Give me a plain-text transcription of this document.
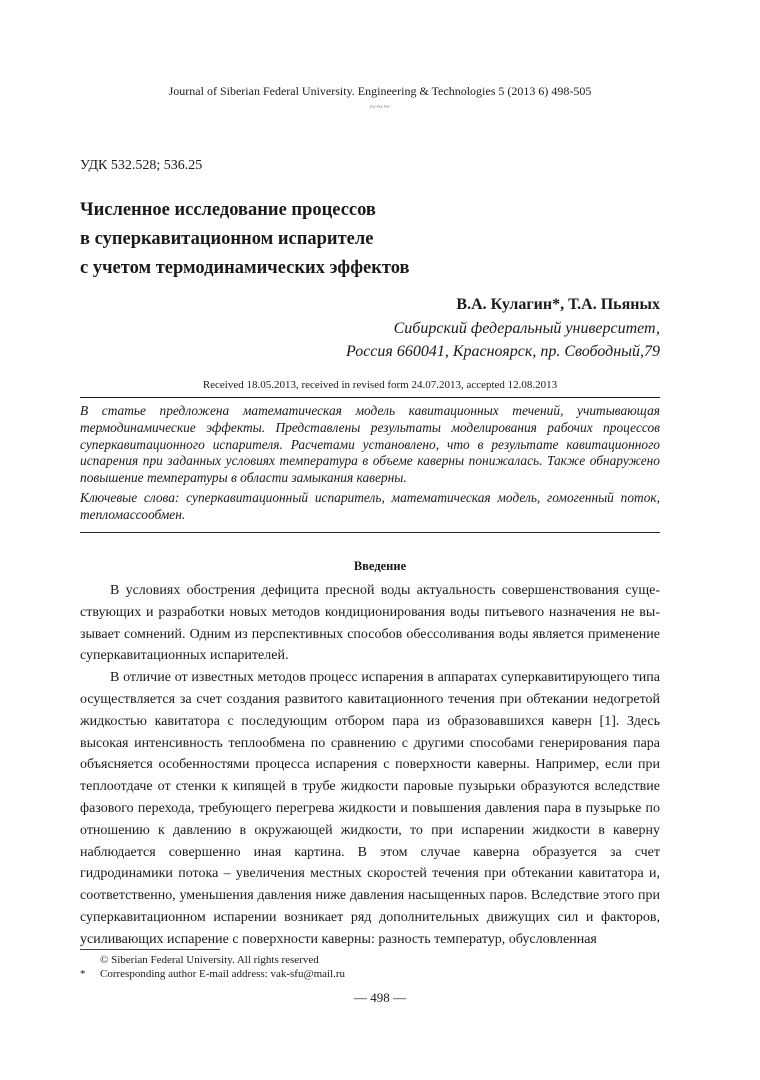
Journal of Siberian Federal University. Engineering & Technologies 5 (2013 6) 498-505
~~~
УДК 532.528; 536.25
Численное исследование процессов
в суперкавитационном испарителе
с учетом термодинамических эффектов
В.А. Кулагин*, Т.А. Пьяных
Сибирский федеральный университет,
Россия 660041, Красноярск, пр. Свободный,79
Received 18.05.2013, received in revised form 24.07.2013, accepted 12.08.2013

В статье предложена математическая модель кавитационных течений, учитывающая термодинамические эффекты. Представлены результаты моделирования рабочих процессов суперкавитационного испарителя. Расчетами установлено, что в результате кавитационного испарения при заданных условиях температура в объеме каверны понижалась. Также обнаружено повышение температуры в области замыкания каверны.

Ключевые слова: суперкавитационный испаритель, математическая модель, гомогенный поток, тепломассообмен.

Введение

В условиях обострения дефицита пресной воды актуальность совершенствования существующих и разработки новых методов кондиционирования воды питьевого назначения не вызывает сомнений. Одним из перспективных способов обессоливания воды является применение суперкавитационных испарителей.

В отличие от известных методов процесс испарения в аппаратах суперкавитирующего типа осуществляется за счет создания развитого кавитационного течения при обтекании недогретой жидкостью кавитатора с последующим отбором пара из образовавшихся каверн [1]. Здесь высокая интенсивность теплообмена по сравнению с другими способами генерирования пара объясняется особенностями процесса испарения с поверхности каверны. Например, если при теплоотдаче от стенки к кипящей в трубе жидкости паровые пузырьки образуются вследствие фазового перехода, требующего перегрева жидкости и повышения давления пара в пузырьке по отношению к давлению в окружающей жидкости, то при испарении жидкости в каверну наблюдается совершенно иная картина. В этом случае каверна образуется за счет гидродинамики потока – увеличения местных скоростей течения при обтекании кавитатора и, соответственно, уменьшения давления ниже давления насыщенных паров. Вследствие этого при суперкавитационном испарении возникает ряд дополнительных движущих сил и факторов, усиливающих испарение с поверхности каверны: разность температур, обусловленная

© Siberian Federal University. All rights reserved
*	Corresponding author E-mail address: vak-sfu@mail.ru
— 498 —
